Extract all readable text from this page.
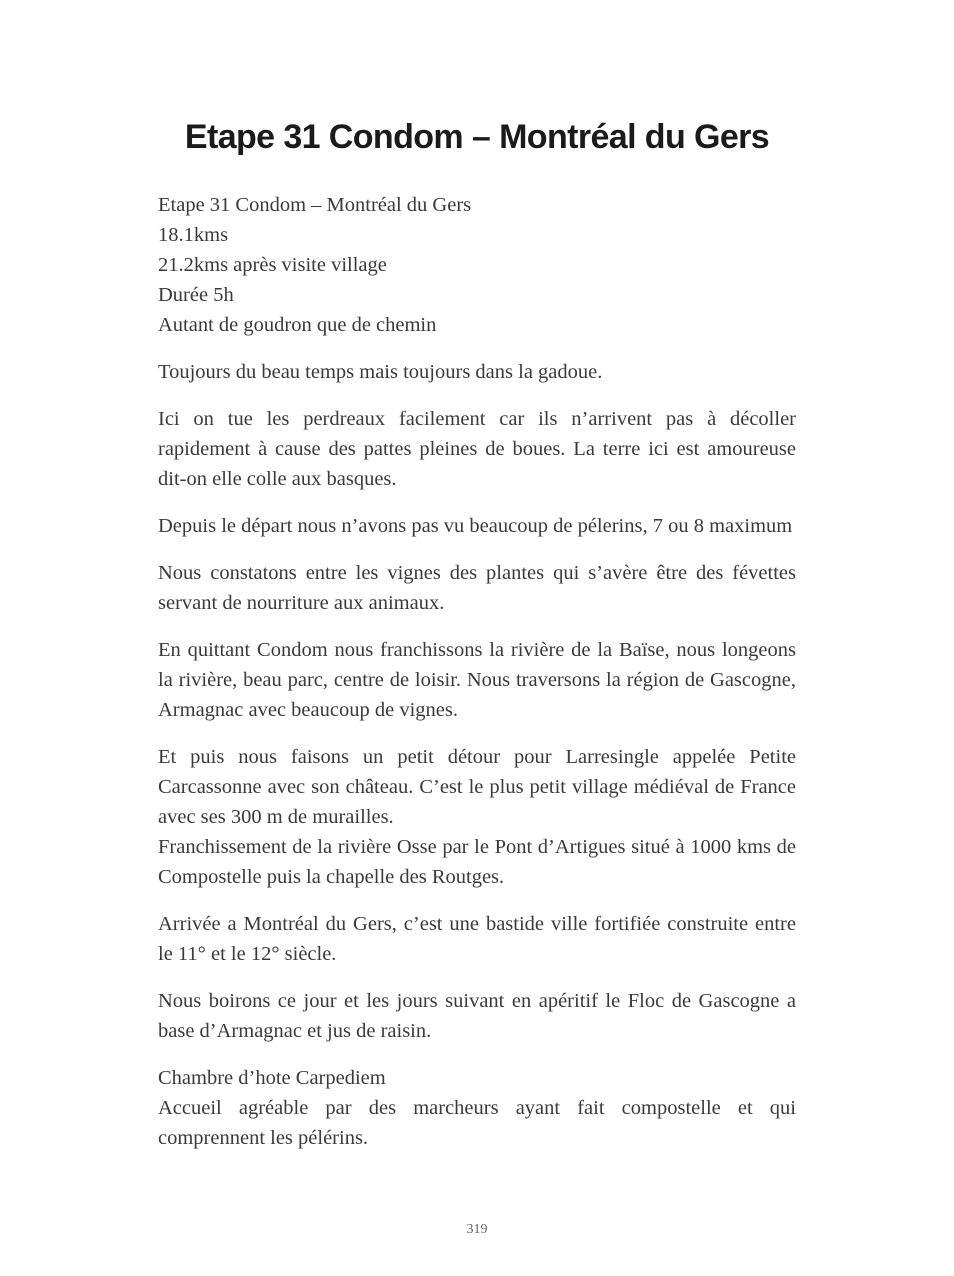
Etape 31 Condom – Montréal du Gers

Etape 31 Condom – Montréal du Gers
18.1kms
21.2kms après visite village
Durée 5h
Autant de goudron que de chemin

Toujours du beau temps mais toujours dans la gadoue.

Ici on tue les perdreaux facilement car ils n’arrivent pas à décoller rapidement à cause des pattes pleines de boues. La terre ici est amoureuse dit-on elle colle aux basques.

Depuis le départ nous n’avons pas vu beaucoup de pélerins, 7 ou 8 maximum

Nous constatons entre les vignes des plantes qui s’avère être des févettes servant de nourriture aux animaux.

En quittant Condom nous franchissons la rivière de la Baïse, nous longeons la rivière, beau parc, centre de loisir. Nous traversons la région de Gascogne, Armagnac avec beaucoup de vignes.

Et puis nous faisons un petit détour pour Larresingle appelée Petite Carcassonne avec son château. C’est le plus petit village médiéval de France avec ses 300 m de murailles.
Franchissement de la rivière Osse par le Pont d’Artigues situé à 1000 kms de Compostelle puis la chapelle des Routges.

Arrivée a Montréal du Gers, c’est une bastide ville fortifiée construite entre le 11° et le 12° siècle.

Nous boirons ce jour et les jours suivant en apéritif le Floc de Gascogne a base d’Armagnac et jus de raisin.

Chambre d’hote Carpediem
Accueil agréable par des marcheurs ayant fait compostelle et qui comprennent les pélérins.

319
